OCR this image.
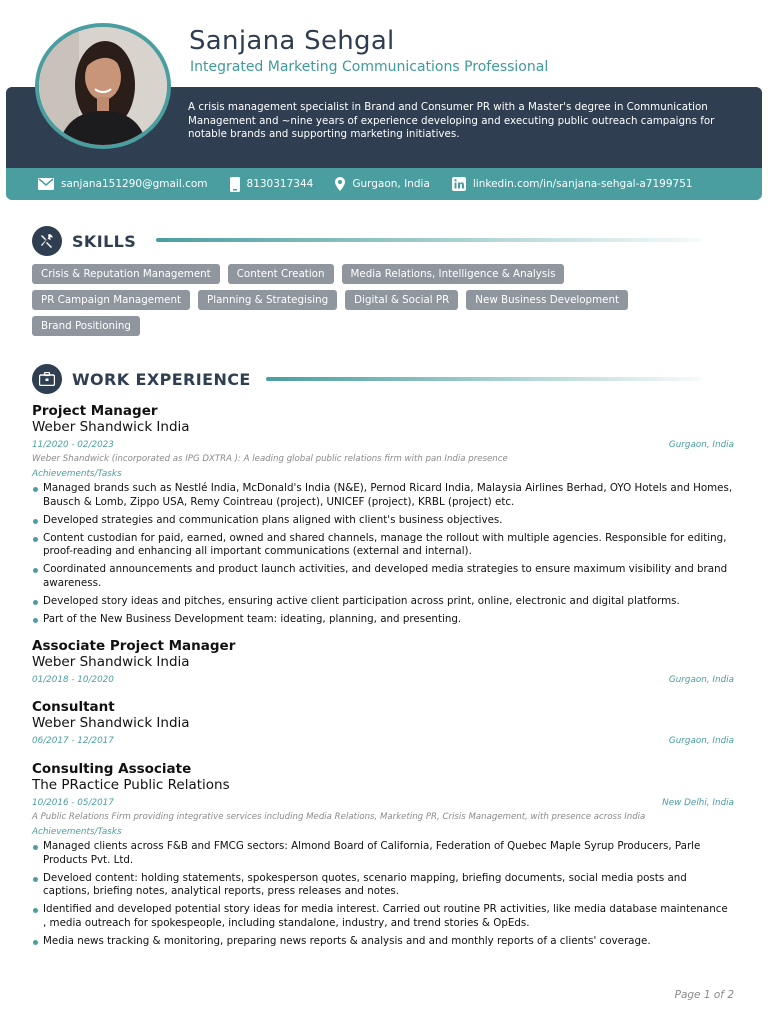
A crisis management specialist in Brand and Consumer PR with a Master's degree in Communication Management and ~nine years of experience developing and executing public outreach campaigns for notable brands and supporting marketing initiatives.

sanjana151290@gmail.com	8130317344	Gurgaon, India	linkedin.com/in/sanjana-sehgal-a7199751
Sanjana Sehgal
Integrated Marketing Communications Professional
SKILLS
Crisis & Reputation Management	Content Creation	Media Relations, Intelligence & Analysis
PR Campaign Management	Planning & Strategising	Digital & Social PR	New Business Development
Brand Positioning
WORK EXPERIENCE
Project Manager
Weber Shandwick India
11/2020 - 02/2023	Gurgaon, India
Weber Shandwick (incorporated as IPG DXTRA ): A leading global public relations firm with pan India presence
Achievements/Tasks
Managed brands such as Nestlé India, McDonald's India (N&E), Pernod Ricard India, Malaysia Airlines Berhad, OYO Hotels and Homes, Bausch & Lomb, Zippo USA, Remy Cointreau (project), UNICEF (project), KRBL (project) etc.
Developed strategies and communication plans aligned with client's business objectives.
Content custodian for paid, earned, owned and shared channels, manage the rollout with multiple agencies. Responsible for editing, proof-reading and enhancing all important communications (external and internal).
Coordinated announcements and product launch activities, and developed media strategies to ensure maximum visibility and brand awareness.
Developed story ideas and pitches, ensuring active client participation across print, online, electronic and digital platforms.
Part of the New Business Development team: ideating, planning, and presenting.
Associate Project Manager
Weber Shandwick India
01/2018 - 10/2020	Gurgaon, India
Consultant
Weber Shandwick India
06/2017 - 12/2017	Gurgaon, India
Consulting Associate
The PRactice Public Relations
10/2016 - 05/2017	New Delhi, India
A Public Relations Firm providing integrative services including Media Relations, Marketing PR, Crisis Management, with presence across India
Achievements/Tasks
Managed clients across F&B and FMCG sectors: Almond Board of California, Federation of Quebec Maple Syrup Producers, Parle Products Pvt. Ltd.
Develoed content: holding statements, spokesperson quotes, scenario mapping, briefing documents, social media posts and captions, briefing notes, analytical reports, press releases and notes.
Identified and developed potential story ideas for media interest. Carried out routine PR activities, like media database maintenance , media outreach for spokespeople, including standalone, industry, and trend stories & OpEds.
Media news tracking & monitoring, preparing news reports & analysis and and monthly reports of a clients' coverage.
Page 1 of 2
